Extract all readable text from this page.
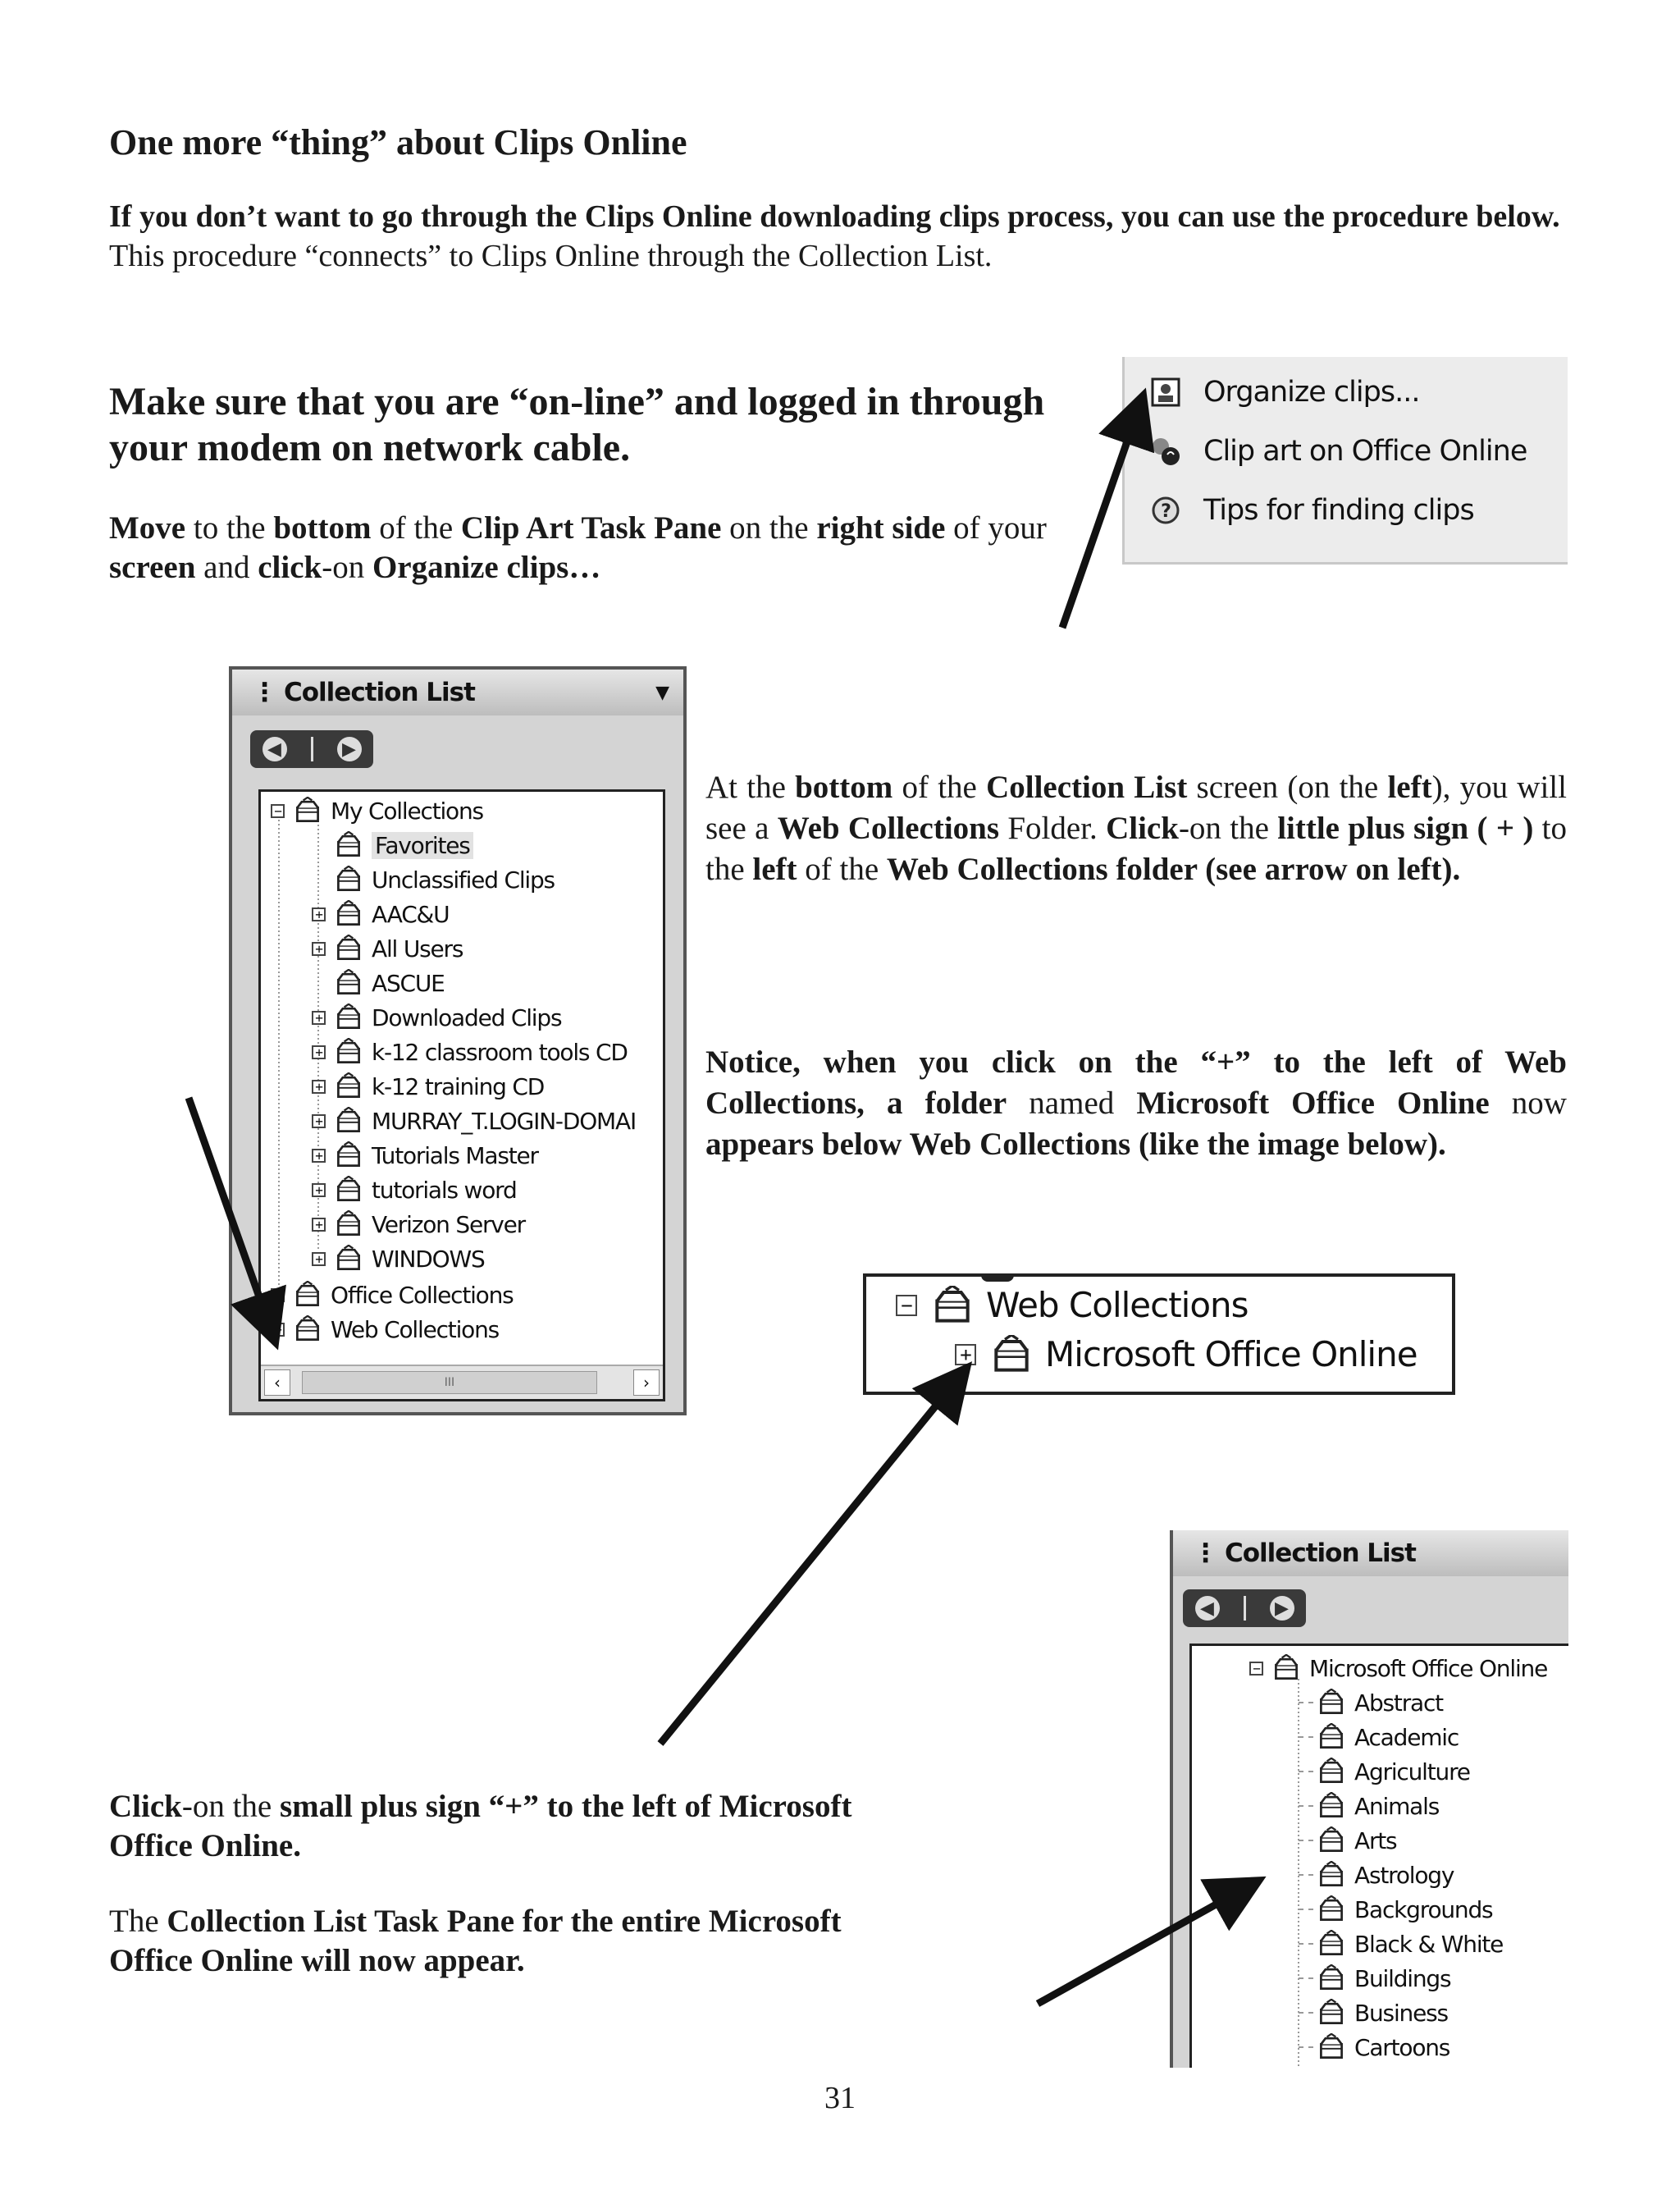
One more “thing” about Clips Online
If you don’t want to go through the Clips Online downloading clips process, you can use the procedure below. This procedure “connects” to Clips Online through the Collection List.
Make sure that you are “on-line” and logged in through your modem on network cable.
Move to the bottom of the Clip Art Task Pane on the right side of your screen and click-on Organize clips…
Organize clips...
Clip art on Office Online
? Tips for finding clips
⋮ Collection List	▼
◀	▶
− My Collections
Favorites
Unclassified Clips
+ AAC&U
+ All Users
ASCUE
+ Downloaded Clips
+ k-12 classroom tools CD
+ k-12 training CD
+ MURRAY_T.LOGIN-DOMAI
+ Tutorials Master
+ tutorials word
+ Verizon Server
+ WINDOWS
+ Office Collections
+ Web Collections
‹	III	›
At the bottom of the Collection List screen (on the left), you will see a Web Collections Folder. Click-on the little plus sign ( + ) to the left of the Web Collections folder (see arrow on left).
Notice, when you click on the “+” to the left of Web Collections, a folder named Microsoft Office Online now appears below Web Collections (like the image below).
− Web Collections
+ Microsoft Office Online
Click-on the small plus sign “+” to the left of Microsoft Office Online.
The Collection List Task Pane for the entire Microsoft Office Online will now appear.
⋮ Collection List
◀	▶
− Microsoft Office Online
Abstract
Academic
Agriculture
Animals
Arts
Astrology
Backgrounds
Black & White
Buildings
Business
Cartoons
31
